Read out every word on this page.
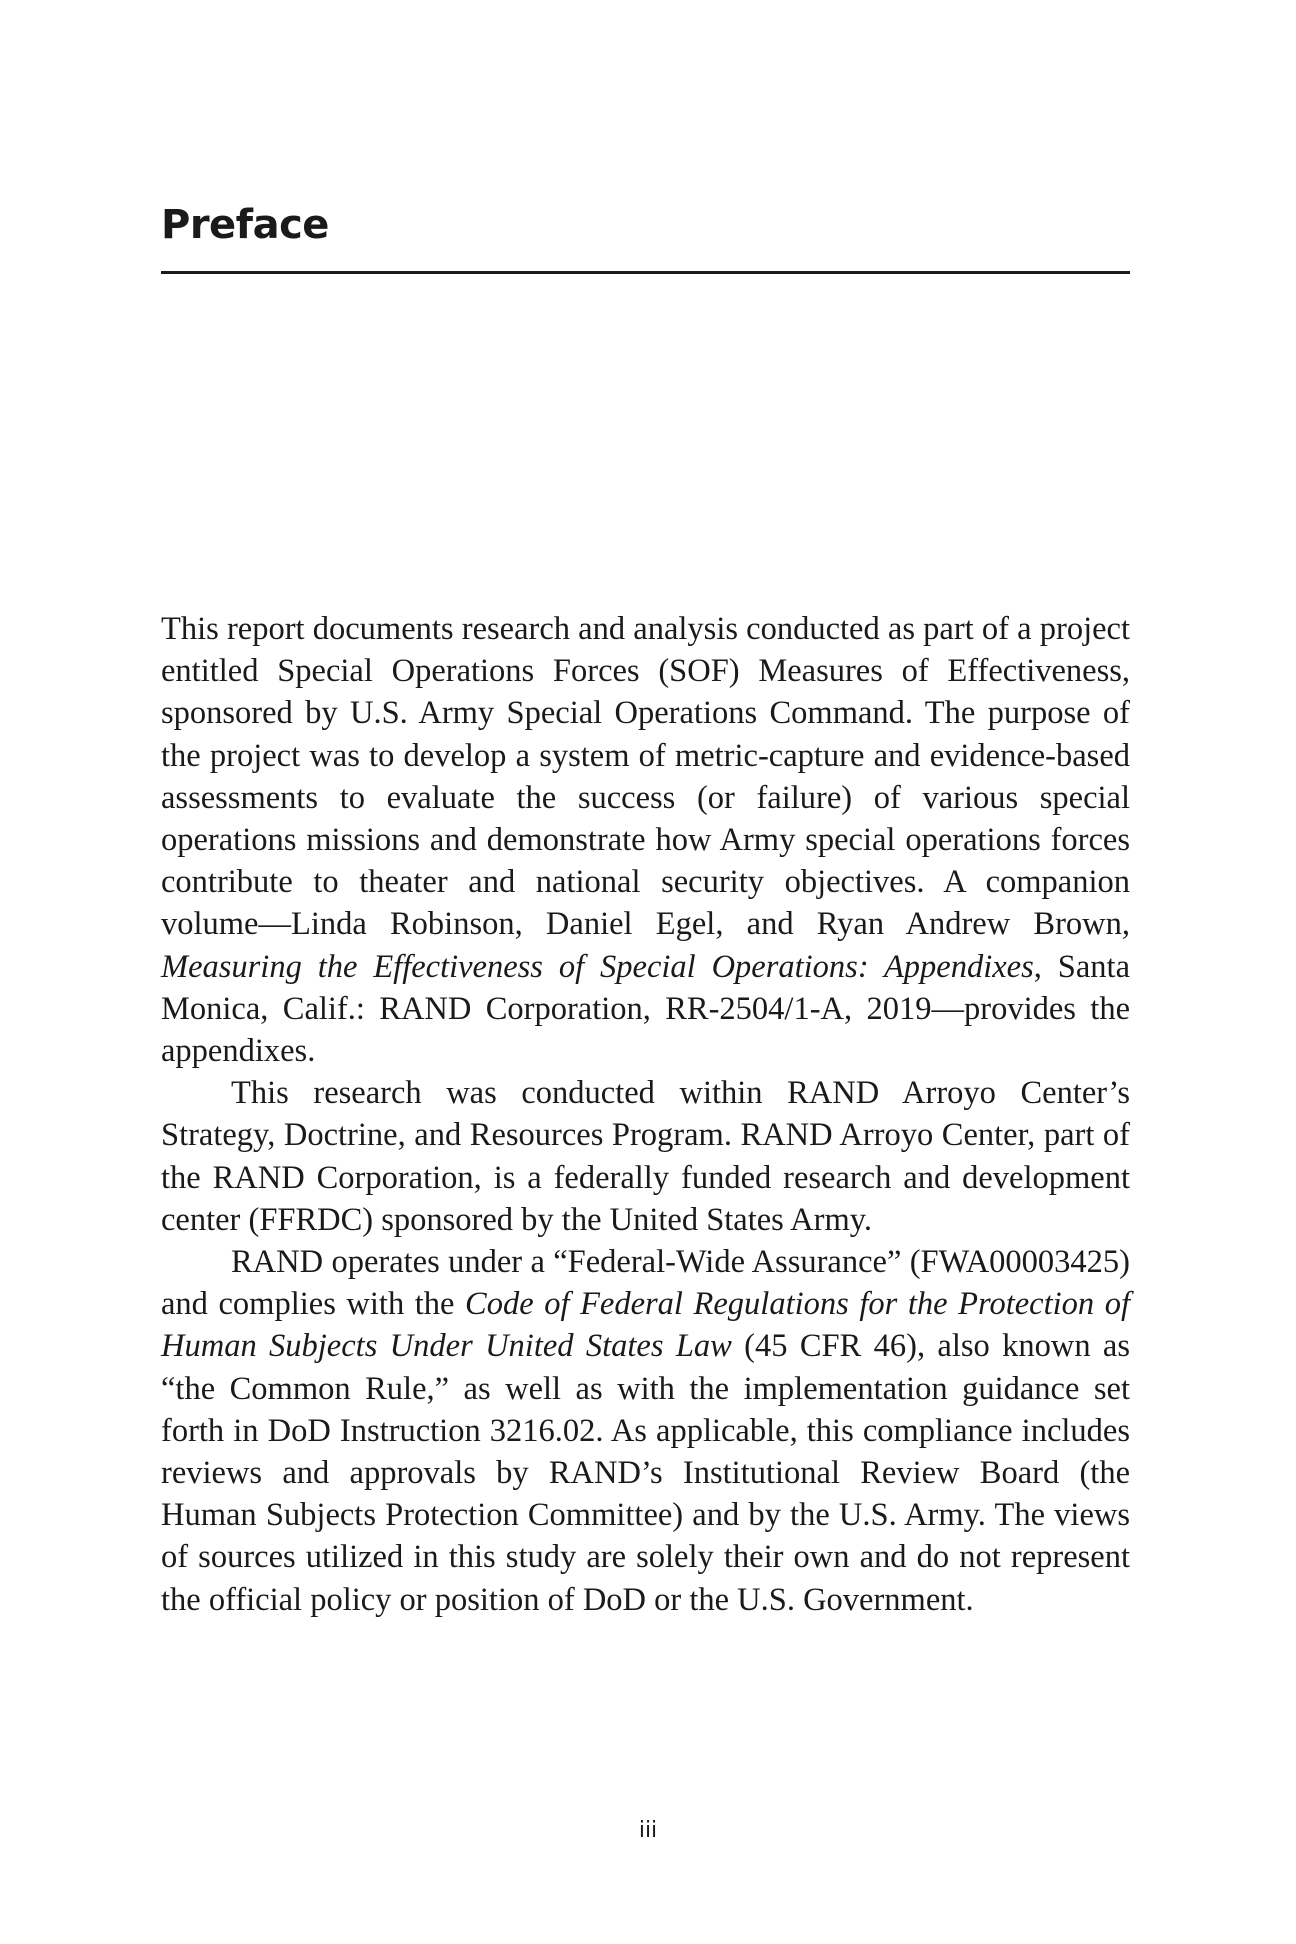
Preface

This report documents research and analysis conducted as part of a project entitled Special Operations Forces (SOF) Measures of Effectiveness, sponsored by U.S. Army Special Operations Command. The purpose of the project was to develop a system of metric-capture and evidence-based assessments to evaluate the success (or failure) of various special operations missions and demonstrate how Army special operations forces contribute to theater and national security objectives. A companion volume—Linda Robinson, Daniel Egel, and Ryan Andrew Brown, Measuring the Effectiveness of Special Operations: Appendixes, Santa Monica, Calif.: RAND Corporation, RR-2504/1-A, 2019—provides the appendixes.

This research was conducted within RAND Arroyo Center’s Strategy, Doctrine, and Resources Program. RAND Arroyo Center, part of the RAND Corporation, is a federally funded research and development center (FFRDC) sponsored by the United States Army.

RAND operates under a “Federal-Wide Assurance” (FWA00003425) and complies with the Code of Federal Regulations for the Protection of Human Subjects Under United States Law (45 CFR 46), also known as “the Common Rule,” as well as with the implementation guidance set forth in DoD Instruction 3216.02. As applicable, this compliance includes reviews and approvals by RAND’s Institutional Review Board (the Human Subjects Protection Committee) and by the U.S. Army. The views of sources utilized in this study are solely their own and do not represent the official policy or position of DoD or the U.S. Government.

iii
